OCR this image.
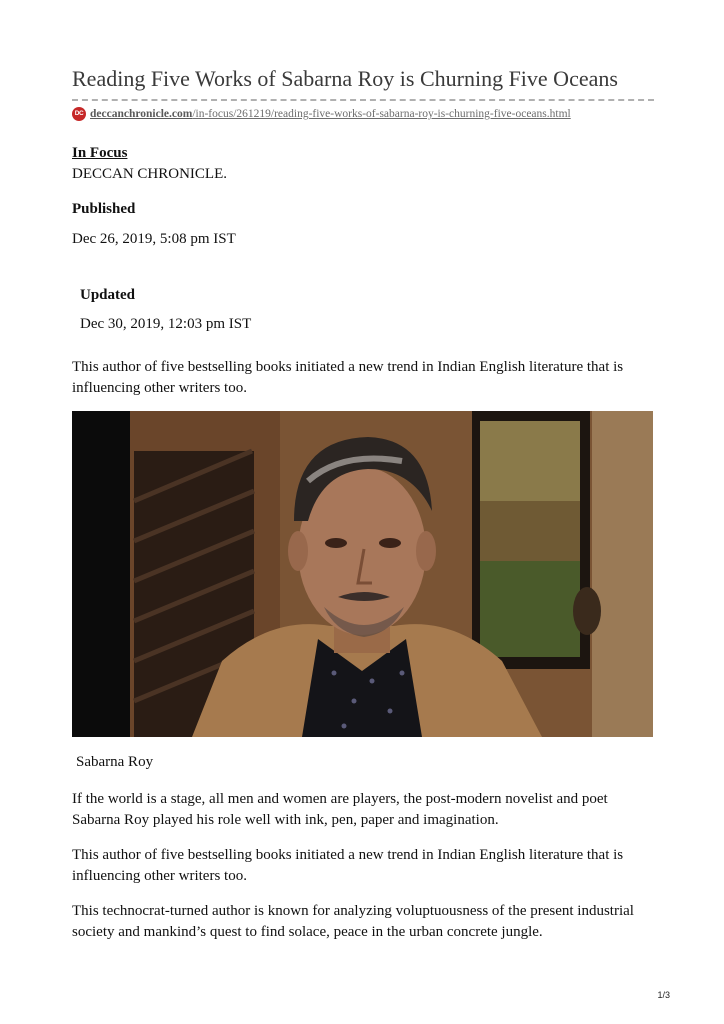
Reading Five Works of Sabarna Roy is Churning Five Oceans
DC deccanchronicle.com /in-focus/261219/reading-five-works-of-sabarna-roy-is-churning-five-oceans.html
In Focus
DECCAN CHRONICLE.
Published
Dec 26, 2019, 5:08 pm IST
Updated
Dec 30, 2019, 12:03 pm IST

This author of five bestselling books initiated a new trend in Indian English literature that is influencing other writers too.

Sabarna Roy

If the world is a stage, all men and women are players, the post-modern novelist and poet Sabarna Roy played his role well with ink, pen, paper and imagination.

This author of five bestselling books initiated a new trend in Indian English literature that is influencing other writers too.

This technocrat-turned author is known for analyzing voluptuousness of the present industrial society and mankind’s quest to find solace, peace in the urban concrete jungle.

1/3
